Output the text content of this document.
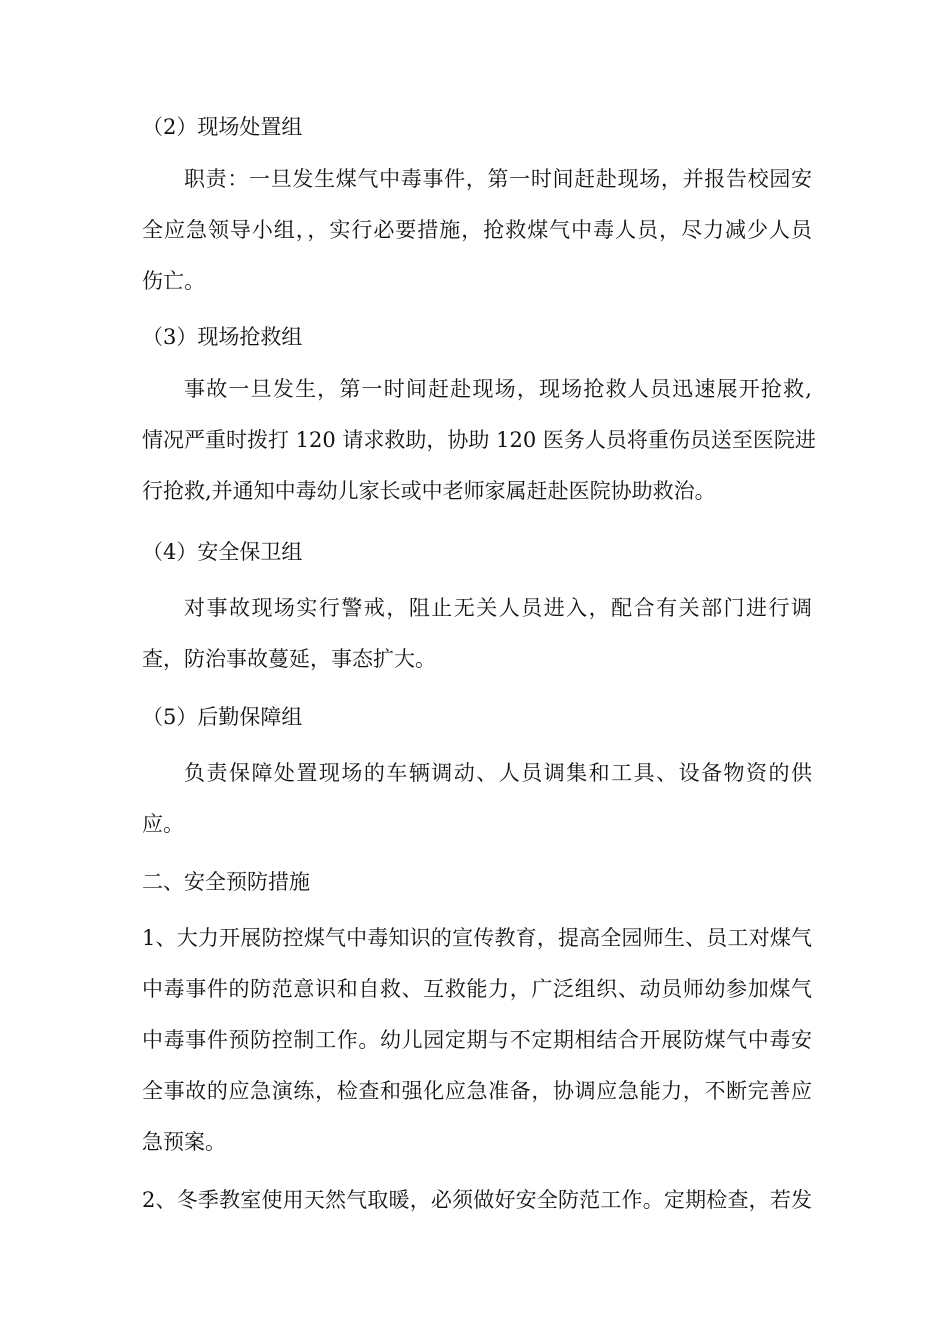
（2）现场处置组
职责：一旦发生煤气中毒事件，第一时间赶赴现场，并报告校园安
全应急领导小组，，实行必要措施，抢救煤气中毒人员，尽力减少人员
伤亡。
（3）现场抢救组
事故一旦发生，第一时间赶赴现场，现场抢救人员迅速展开抢救,
情况严重时拨打 120 请求救助，协助 120 医务人员将重伤员送至医院进
行抢救,并通知中毒幼儿家长或中老师家属赶赴医院协助救治。
（4）安全保卫组
对事故现场实行警戒，阻止无关人员进入，配合有关部门进行调
查，防治事故蔓延，事态扩大。
（5）后勤保障组
负责保障处置现场的车辆调动、人员调集和工具、设备物资的供
应。
二、安全预防措施
1、大力开展防控煤气中毒知识的宣传教育，提高全园师生、员工对煤气
中毒事件的防范意识和自救、互救能力，广泛组织、动员师幼参加煤气
中毒事件预防控制工作。幼儿园定期与不定期相结合开展防煤气中毒安
全事故的应急演练，检查和强化应急准备，协调应急能力，不断完善应
急预案。
2、冬季教室使用天然气取暖，必须做好安全防范工作。定期检查，若发
